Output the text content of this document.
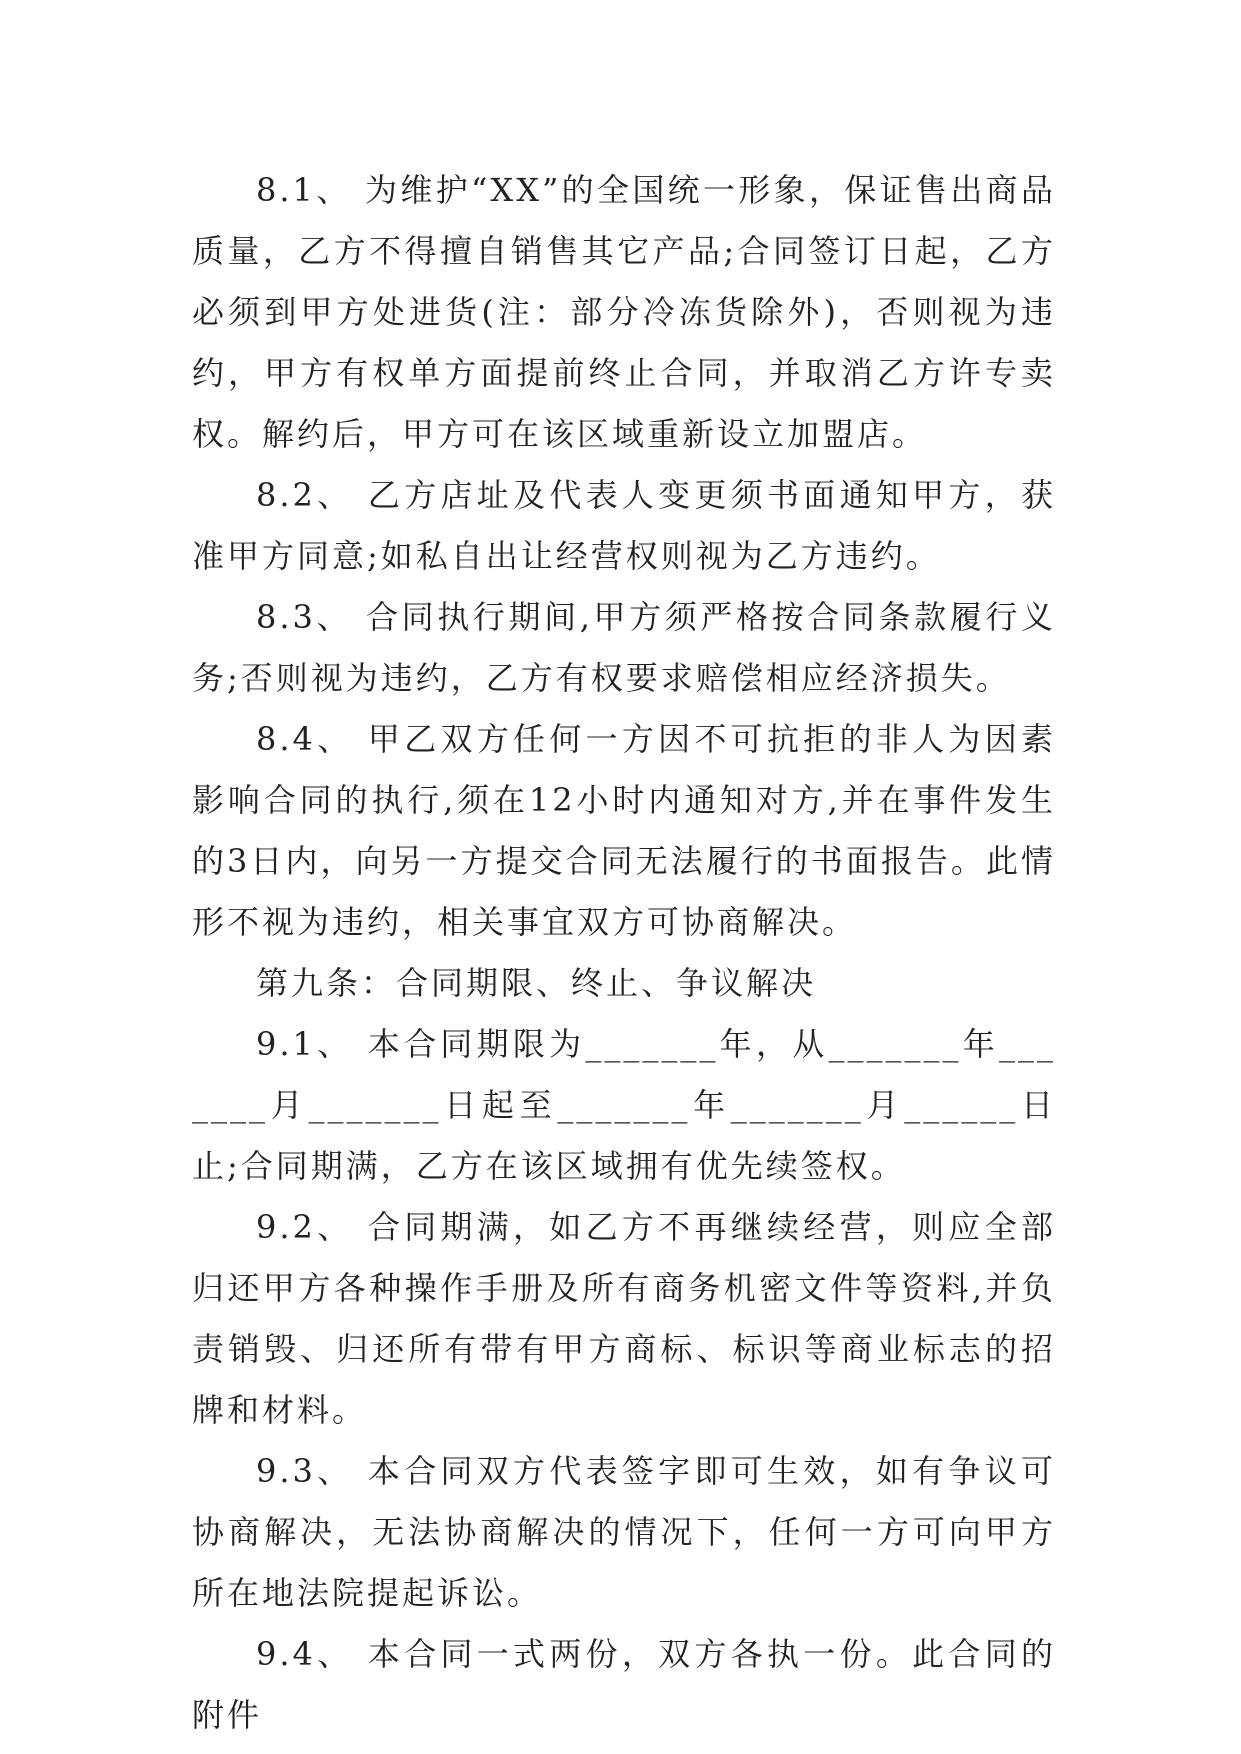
8.1、 为维护“XX”的全国统一形象，保证售出商品质量，乙方不得擅自销售其它产品;合同签订日起，乙方必须到甲方处进货(注：部分冷冻货除外)，否则视为违约，甲方有权单方面提前终止合同，并取消乙方许专卖权。解约后，甲方可在该区域重新设立加盟店。

8.2、 乙方店址及代表人变更须书面通知甲方，获准甲方同意;如私自出让经营权则视为乙方违约。

8.3、 合同执行期间,甲方须严格按合同条款履行义务;否则视为违约，乙方有权要求赔偿相应经济损失。

8.4、 甲乙双方任何一方因不可抗拒的非人为因素影响合同的执行,须在12小时内通知对方,并在事件发生的3日内，向另一方提交合同无法履行的书面报告。此情形不视为违约，相关事宜双方可协商解决。

第九条：合同期限、终止、争议解决

9.1、 本合同期限为_______年，从_______年_______月_______日起至_______年_______月______日止;合同期满，乙方在该区域拥有优先续签权。

9.2、 合同期满，如乙方不再继续经营，则应全部归还甲方各种操作手册及所有商务机密文件等资料,并负责销毁、归还所有带有甲方商标、标识等商业标志的招牌和材料。

9.3、 本合同双方代表签字即可生效，如有争议可协商解决，无法协商解决的情况下，任何一方可向甲方所在地法院提起诉讼。

9.4、 本合同一式两份，双方各执一份。此合同的附件
